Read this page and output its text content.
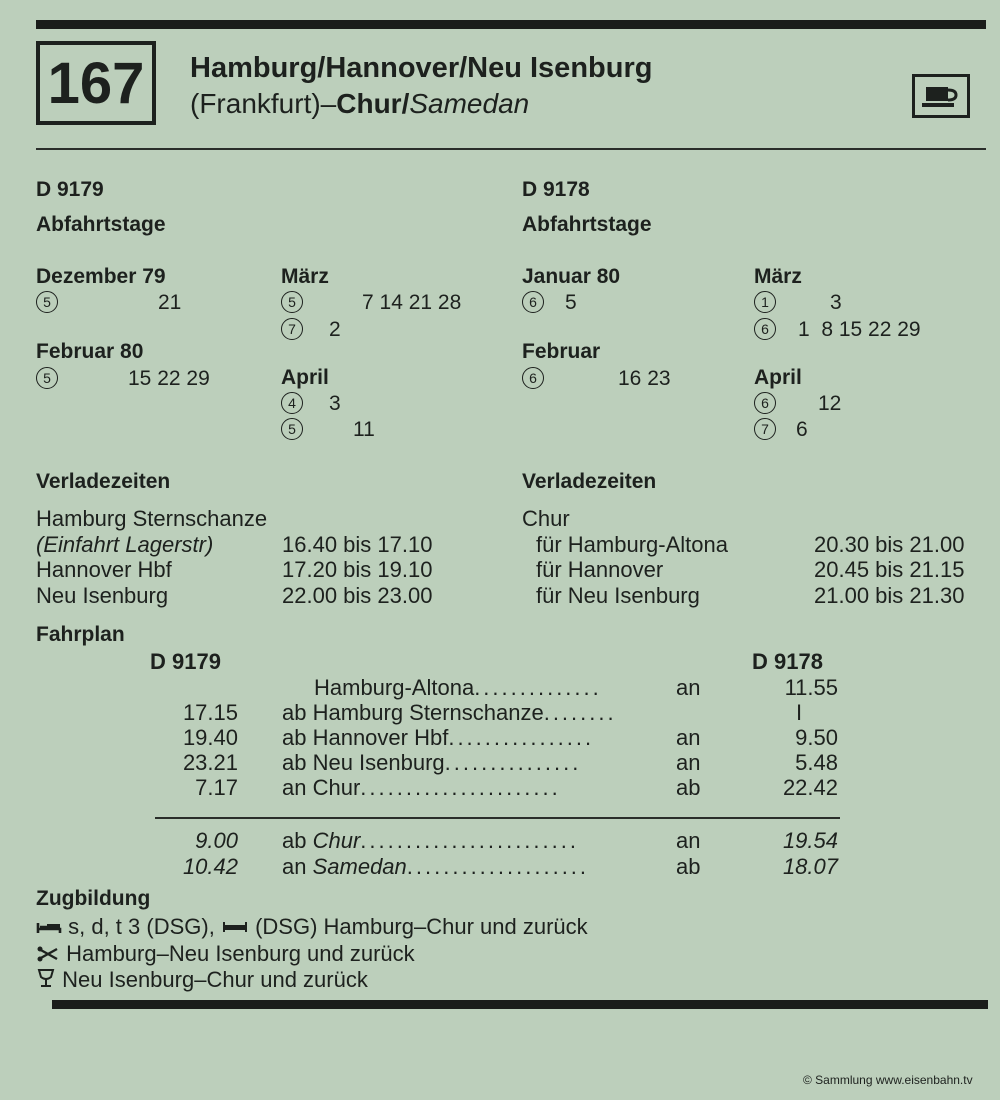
167	Hamburg/Hannover/Neu Isenburg
(Frankfurt)–Chur/Samedan
D 9179
Abfahrtstage
Dezember 79
5	21
Februar 80
5	15 22 29
März
5	7 14 21 28
7	2
April
4	3
5	11
Verladezeiten
Hamburg Sternschanze
(Einfahrt Lagerstr)	16.40 bis 17.10
Hannover Hbf	17.20 bis 19.10
Neu Isenburg	22.00 bis 23.00
D 9178
Abfahrtstage
Januar 80
6	5
Februar
6	16 23
März
1	3
6	1  8 15 22 29
April
6	12
7	6
Verladezeiten
Chur
für Hamburg-Altona	20.30 bis 21.00
für Hannover	20.45 bis 21.15
für Neu Isenburg	21.00 bis 21.30
Fahrplan
D 9179	D 9178
Hamburg-Altona..............	an	11.55
17.15 ab Hamburg Sternschanze........	I
19.40 ab Hannover Hbf................	an	9.50
23.21 ab Neu Isenburg...............	an	5.48
7.17 an Chur......................	ab	22.42
9.00 ab Chur........................	an	19.54
10.42 an Samedan....................	ab	18.07
Zugbildung
s, d, t 3 (DSG), (DSG) Hamburg–Chur und zurück
Hamburg–Neu Isenburg und zurück
Neu Isenburg–Chur und zurück
© Sammlung www.eisenbahn.tv
